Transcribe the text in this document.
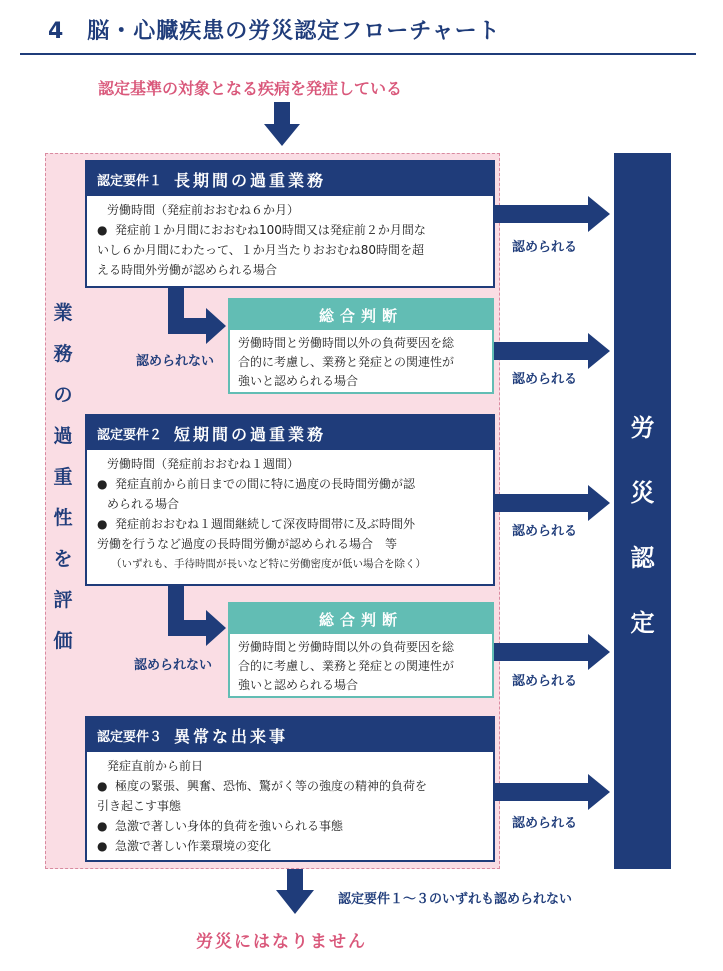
4　脳・心臓疾患の労災認定フローチャート
認定基準の対象となる疾病を発症している
業
務
の
過
重
性
を
評
価
認定要件１ 長期間の過重業務
労働時間（発症前おおむね６か月）
● 発症前１か月間におおむね100時間又は発症前２か月間な
いし６か月間にわたって、１か月当たりおおむね80時間を超
える時間外労働が認められる場合
総合判断
労働時間と労働時間以外の負荷要因を総
合的に考慮し、業務と発症との関連性が
強いと認められる場合
認定要件２ 短期間の過重業務
労働時間（発症前おおむね１週間）
● 発症直前から前日までの間に特に過度の長時間労働が認
められる場合
● 発症前おおむね１週間継続して深夜時間帯に及ぶ時間外
労働を行うなど過度の長時間労働が認められる場合　等
（いずれも、手待時間が長いなど特に労働密度が低い場合を除く）
総合判断
労働時間と労働時間以外の負荷要因を総
合的に考慮し、業務と発症との関連性が
強いと認められる場合
認定要件３ 異常な出来事
発症直前から前日
● 極度の緊張、興奮、恐怖、驚がく等の強度の精神的負荷を
引き起こす事態
● 急激で著しい身体的負荷を強いられる事態
● 急激で著しい作業環境の変化
認められない
認められない
認められる
認められる
認められる
認められる
認められる
労
災
認
定
認定要件１～３のいずれも認められない
労災にはなりません
